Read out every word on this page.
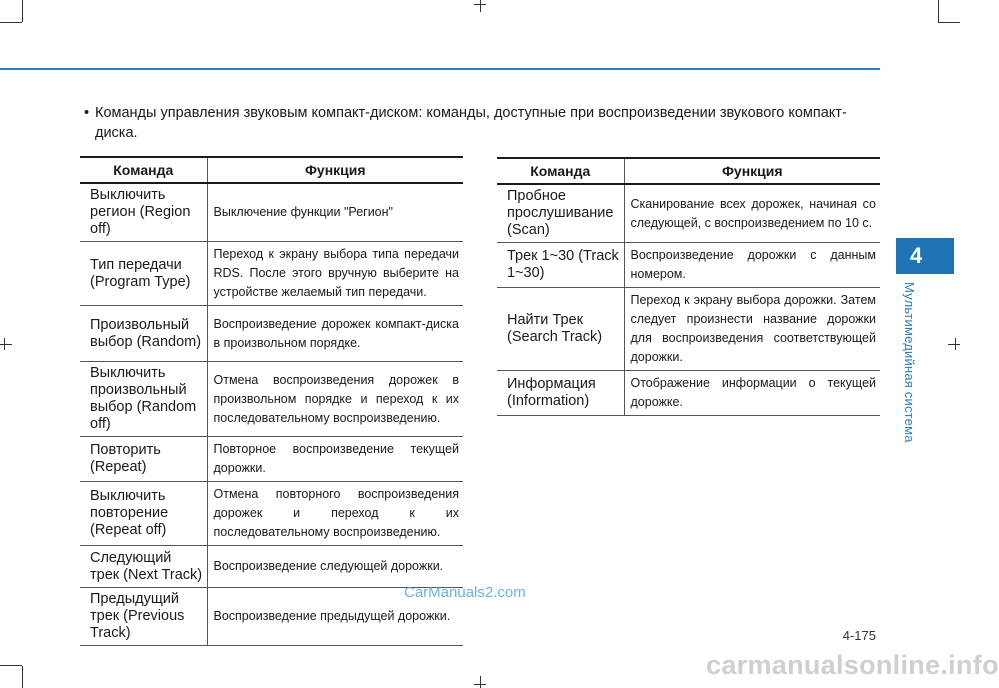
• Команды управления звуковым компакт-диском: команды, доступные при воспроизведении звукового компакт-диска.
Команда	Функция
Выключить регион (Region off)	Выключение функции "Регион"
Тип передачи (Program Type)	Переход к экрану выбора типа передачи RDS. После этого вручную выберите на устройстве желаемый тип передачи.
Произвольный выбор (Random)	Воспроизведение дорожек компакт-диска в произвольном порядке.
Выключить произвольный выбор (Random off)	Отмена воспроизведения дорожек в произвольном порядке и переход к их последовательному воспроизведению.
Повторить (Repeat)	Повторное воспроизведение текущей дорожки.
Выключить повторение (Repeat off)	Отмена повторного воспроизведения дорожек и переход к их последовательному воспроизведению.
Следующий трек (Next Track)	Воспроизведение следующей дорожки.
Предыдущий трек (Previous Track)	Воспроизведение предыдущей дорожки.
Команда	Функция
Пробное прослушивание (Scan)	Сканирование всех дорожек, начиная со следующей, с воспроизведением по 10 с.
Трек 1~30 (Track 1~30)	Воспроизведение дорожки с данным номером.
Найти Трек (Search Track)	Переход к экрану выбора дорожки. Затем следует произнести название дорожки для воспроизведения соответствующей дорожки.
Информация (Information)	Отображение информации о текущей дорожке.
4
Мультимедийная система
4-175
CarManuals2.com
carmanualsonline.info
